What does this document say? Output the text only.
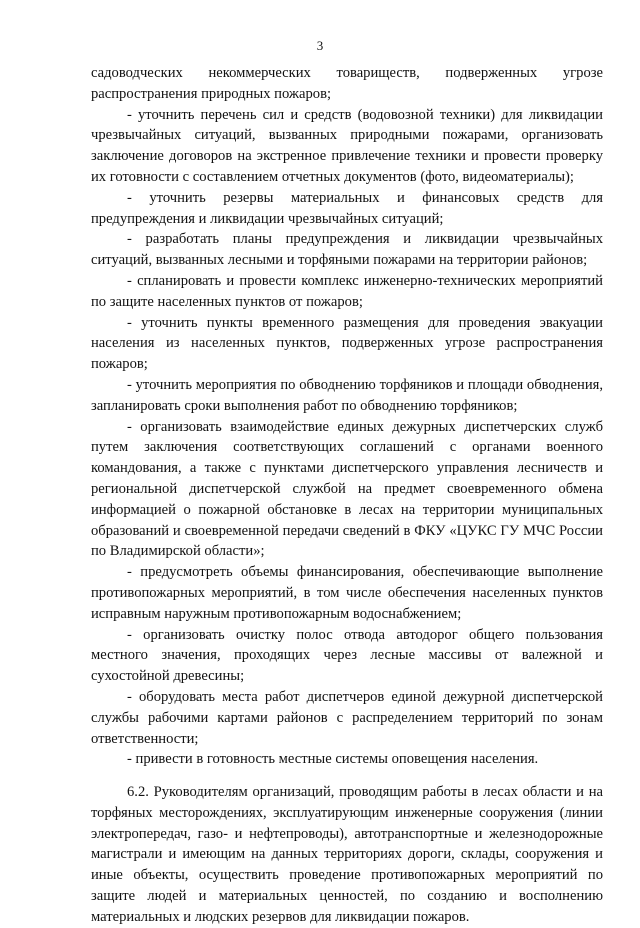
3

садоводческих некоммерческих товариществ, подверженных угрозе распространения природных пожаров;

- уточнить перечень сил и средств (водовозной техники) для ликвидации чрезвычайных ситуаций, вызванных природными пожарами, организовать заключение договоров на экстренное привлечение техники и провести проверку их готовности с составлением отчетных документов (фото, видеоматериалы);

- уточнить резервы материальных и финансовых средств для предупреждения и ликвидации чрезвычайных ситуаций;

- разработать планы предупреждения и ликвидации чрезвычайных ситуаций, вызванных лесными и торфяными пожарами на территории районов;

- спланировать и провести комплекс инженерно-технических мероприятий по защите населенных пунктов от пожаров;

- уточнить пункты временного размещения для проведения эвакуации населения из населенных пунктов, подверженных угрозе распространения пожаров;

- уточнить мероприятия по обводнению торфяников и площади обводнения, запланировать сроки выполнения работ по обводнению торфяников;

- организовать взаимодействие единых дежурных диспетчерских служб путем заключения соответствующих соглашений с органами военного командования, а также с пунктами диспетчерского управления лесничеств и региональной диспетчерской службой на предмет своевременного обмена информацией о пожарной обстановке в лесах на территории муниципальных образований и своевременной передачи сведений в ФКУ «ЦУКС ГУ МЧС России по Владимирской области»;

- предусмотреть объемы финансирования, обеспечивающие выполнение противопожарных мероприятий, в том числе обеспечения населенных пунктов исправным наружным противопожарным водоснабжением;

- организовать очистку полос отвода автодорог общего пользования местного значения, проходящих через лесные массивы от валежной и сухостойной древесины;

- оборудовать места работ диспетчеров единой дежурной диспетчерской службы рабочими картами районов с распределением территорий по зонам ответственности;

- привести в готовность местные системы оповещения населения.

6.2. Руководителям организаций, проводящим работы в лесах области и на торфяных месторождениях, эксплуатирующим инженерные сооружения (линии электропередач, газо- и нефтепроводы), автотранспортные и железнодорожные магистрали и имеющим на данных территориях дороги, склады, сооружения и иные объекты, осуществить проведение противопожарных мероприятий по защите людей и материальных ценностей, по созданию и восполнению материальных и людских резервов для ликвидации пожаров.
